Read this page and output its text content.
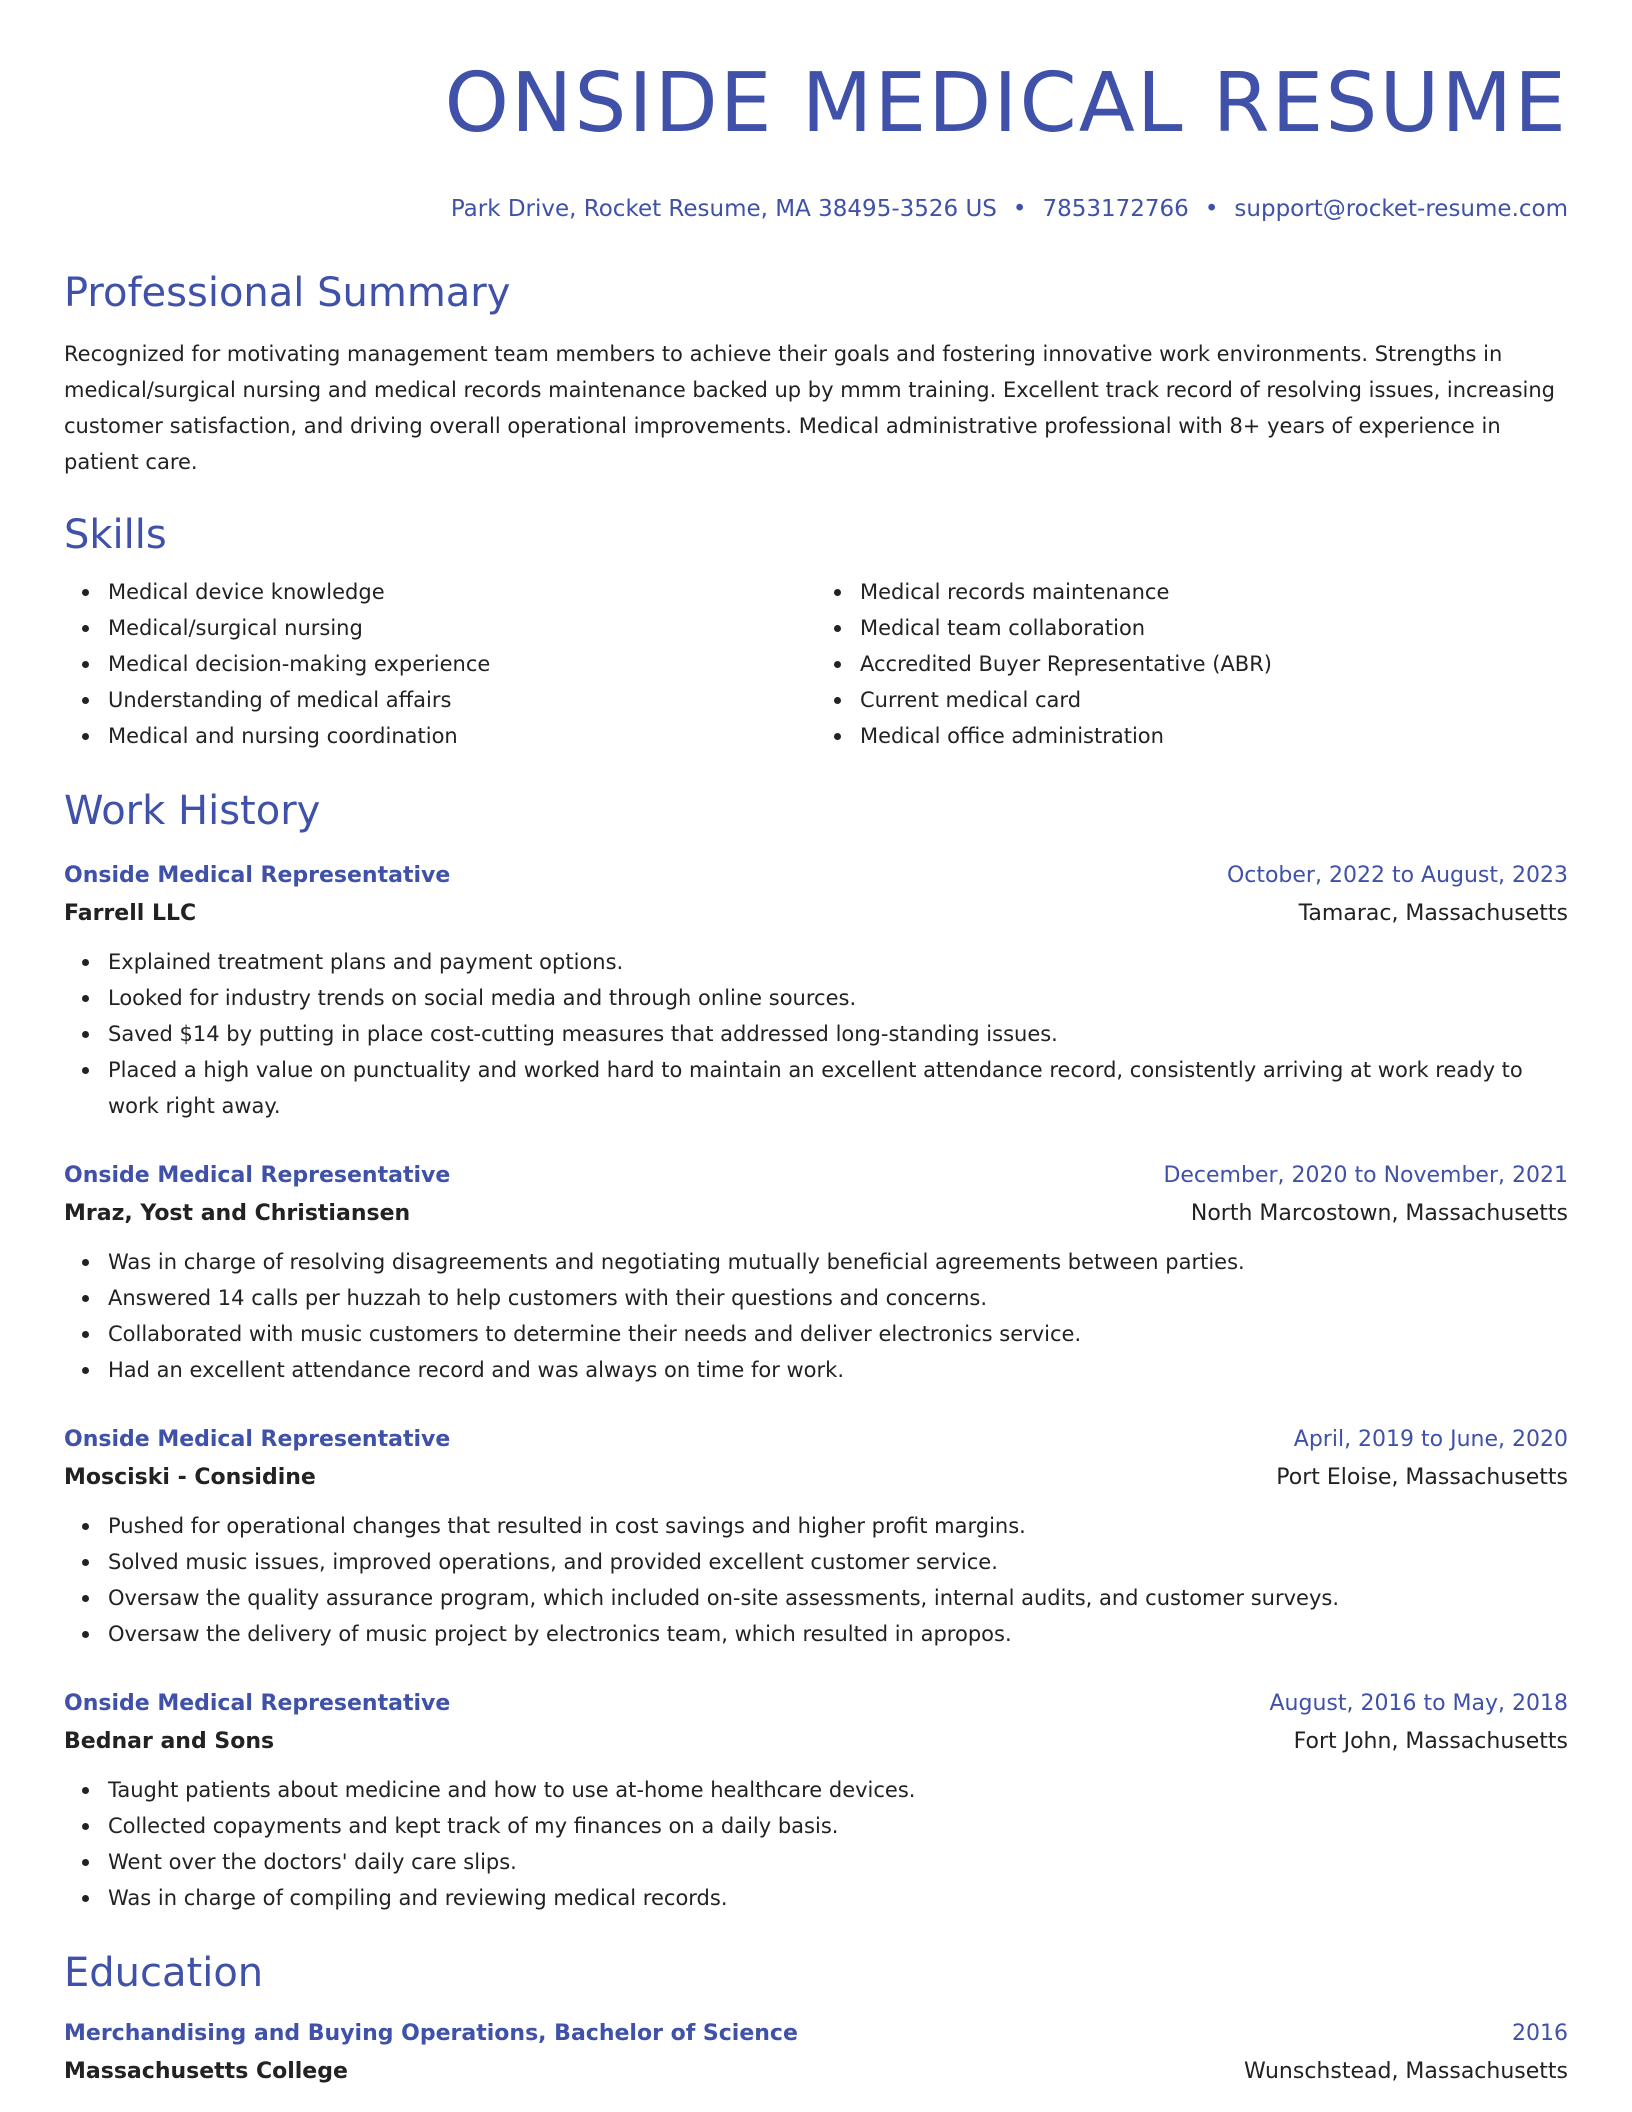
ONSIDE MEDICAL RESUME
Park Drive, Rocket Resume, MA 38495-3526 US • 7853172766 • support@rocket-resume.com
Professional Summary
Recognized for motivating management team members to achieve their goals and fostering innovative work environments. Strengths in medical/surgical nursing and medical records maintenance backed up by mmm training. Excellent track record of resolving issues, increasing customer satisfaction, and driving overall operational improvements. Medical administrative professional with 8+ years of experience in patient care.
Skills
Medical device knowledge
Medical/surgical nursing
Medical decision-making experience
Understanding of medical affairs
Medical and nursing coordination
Medical records maintenance
Medical team collaboration
Accredited Buyer Representative (ABR)
Current medical card
Medical office administration
Work History
Onside Medical Representative	October, 2022 to August, 2023
Farrell LLC	Tamarac, Massachusetts
Explained treatment plans and payment options.
Looked for industry trends on social media and through online sources.
Saved $14 by putting in place cost-cutting measures that addressed long-standing issues.
Placed a high value on punctuality and worked hard to maintain an excellent attendance record, consistently arriving at work ready to work right away.
Onside Medical Representative	December, 2020 to November, 2021
Mraz, Yost and Christiansen	North Marcostown, Massachusetts
Was in charge of resolving disagreements and negotiating mutually beneficial agreements between parties.
Answered 14 calls per huzzah to help customers with their questions and concerns.
Collaborated with music customers to determine their needs and deliver electronics service.
Had an excellent attendance record and was always on time for work.
Onside Medical Representative	April, 2019 to June, 2020
Mosciski - Considine	Port Eloise, Massachusetts
Pushed for operational changes that resulted in cost savings and higher profit margins.
Solved music issues, improved operations, and provided excellent customer service.
Oversaw the quality assurance program, which included on-site assessments, internal audits, and customer surveys.
Oversaw the delivery of music project by electronics team, which resulted in apropos.
Onside Medical Representative	August, 2016 to May, 2018
Bednar and Sons	Fort John, Massachusetts
Taught patients about medicine and how to use at-home healthcare devices.
Collected copayments and kept track of my finances on a daily basis.
Went over the doctors' daily care slips.
Was in charge of compiling and reviewing medical records.
Education
Merchandising and Buying Operations, Bachelor of Science	2016
Massachusetts College	Wunschstead, Massachusetts
